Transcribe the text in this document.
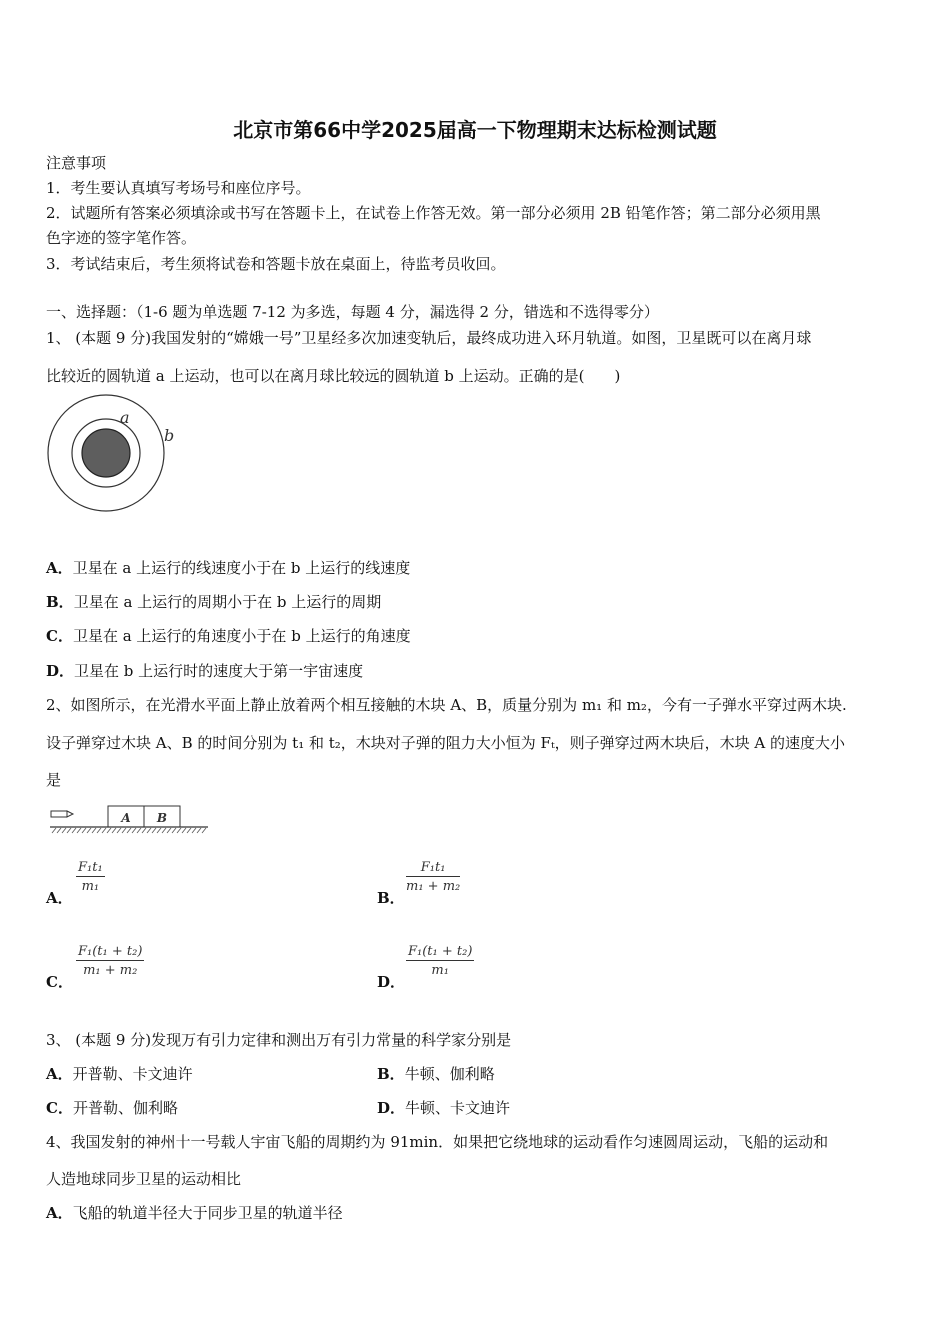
北京市第66中学2025届高一下物理期末达标检测试题
注意事项
1．考生要认真填写考场号和座位序号。
2．试题所有答案必须填涂或书写在答题卡上，在试卷上作答无效。第一部分必须用 2B 铅笔作答；第二部分必须用黑
色字迹的签字笔作答。
3．考试结束后，考生须将试卷和答题卡放在桌面上，待监考员收回。
一、选择题：（1-6 题为单选题 7-12 为多选，每题 4 分，漏选得 2 分，错选和不选得零分）
1、 (本题 9 分)我国发射的“嫦娥一号”卫星经多次加速变轨后，最终成功进入环月轨道。如图，卫星既可以在离月球
比较近的圆轨道 a 上运动，也可以在离月球比较远的圆轨道 b 上运动。正确的是(　　)
a
b
A．卫星在 a 上运行的线速度小于在 b 上运行的线速度
B．卫星在 a 上运行的周期小于在 b 上运行的周期
C．卫星在 a 上运行的角速度小于在 b 上运行的角速度
D．卫星在 b 上运行时的速度大于第一宇宙速度
2、如图所示，在光滑水平面上静止放着两个相互接触的木块 A、B，质量分别为 m₁ 和 m₂，今有一子弹水平穿过两木块.
设子弹穿过木块 A、B 的时间分别为 t₁ 和 t₂，木块对子弹的阻力大小恒为 Fₜ，则子弹穿过两木块后，木块 A 的速度大小
是
A B
A．
F₁t₁
m₁
B．
F₁t₁
m₁ + m₂
C．
F₁(t₁ + t₂)
m₁ + m₂
D．
F₁(t₁ + t₂)
m₁
3、 (本题 9 分)发现万有引力定律和测出万有引力常量的科学家分别是
A．开普勒、卡文迪许	B．牛顿、伽利略
C．开普勒、伽利略	D．牛顿、卡文迪许
4、我国发射的神州十一号载人宇宙飞船的周期约为 91min．如果把它绕地球的运动看作匀速圆周运动，飞船的运动和
人造地球同步卫星的运动相比
A．飞船的轨道半径大于同步卫星的轨道半径
